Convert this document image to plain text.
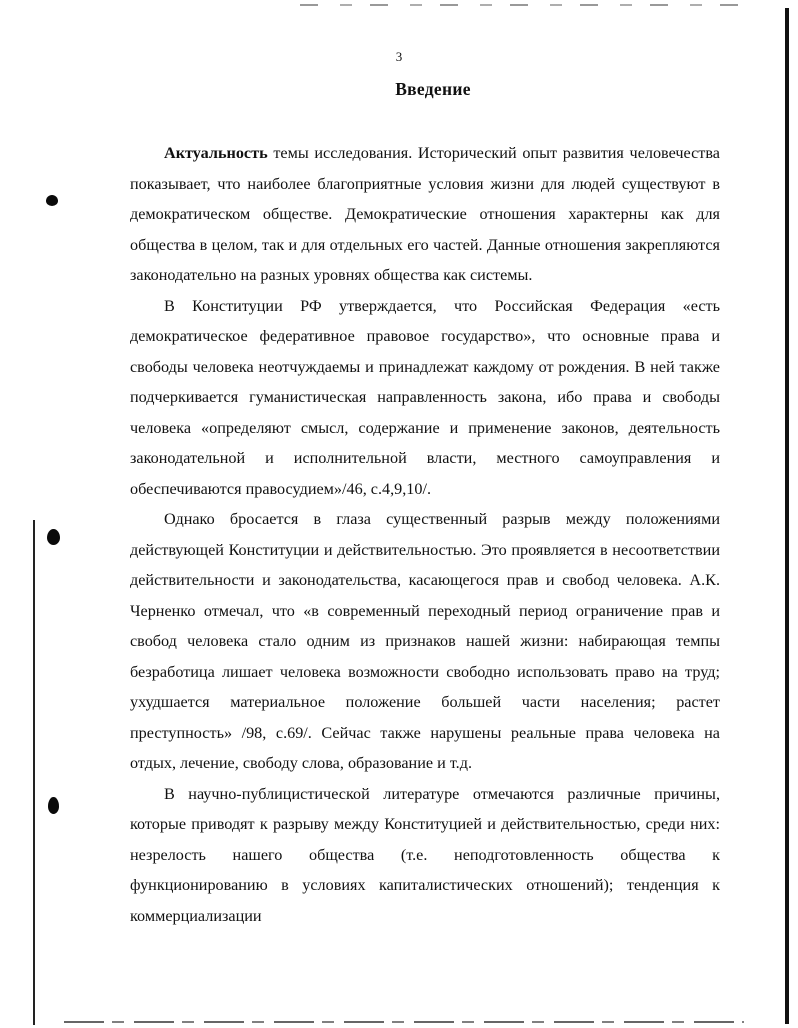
3
Введение

Актуальность темы исследования. Исторический опыт развития человечества показывает, что наиболее благоприятные условия жизни для людей существуют в демократическом обществе. Демократические отношения характерны как для общества в целом, так и для отдельных его частей. Данные отношения закрепляются законодательно на разных уровнях общества как системы.

В Конституции РФ утверждается, что Российская Федерация «есть демократическое федеративное правовое государство», что основные права и свободы человека неотчуждаемы и принадлежат каждому от рождения. В ней также подчеркивается гуманистическая направленность закона, ибо права и свободы человека «определяют смысл, содержание и применение законов, деятельность законодательной и исполнительной власти, местного самоуправления и обеспечиваются правосудием»/46, с.4,9,10/.

Однако бросается в глаза существенный разрыв между положениями действующей Конституции и действительностью. Это проявляется в несоответствии действительности и законодательства, касающегося прав и свобод человека. А.К. Черненко отмечал, что «в современный переходный период ограничение прав и свобод человека стало одним из признаков нашей жизни: набирающая темпы безработица лишает человека возможности свободно использовать право на труд; ухудшается материальное положение большей части населения; растет преступность» /98, с.69/. Сейчас также нарушены реальные права человека на отдых, лечение, свободу слова, образование и т.д.

В научно-публицистической литературе отмечаются различные причины, которые приводят к разрыву между Конституцией и действительностью, среди них: незрелость нашего общества (т.е. неподготовленность общества к функционированию в условиях капиталистических отношений); тенденция к коммерциализации
